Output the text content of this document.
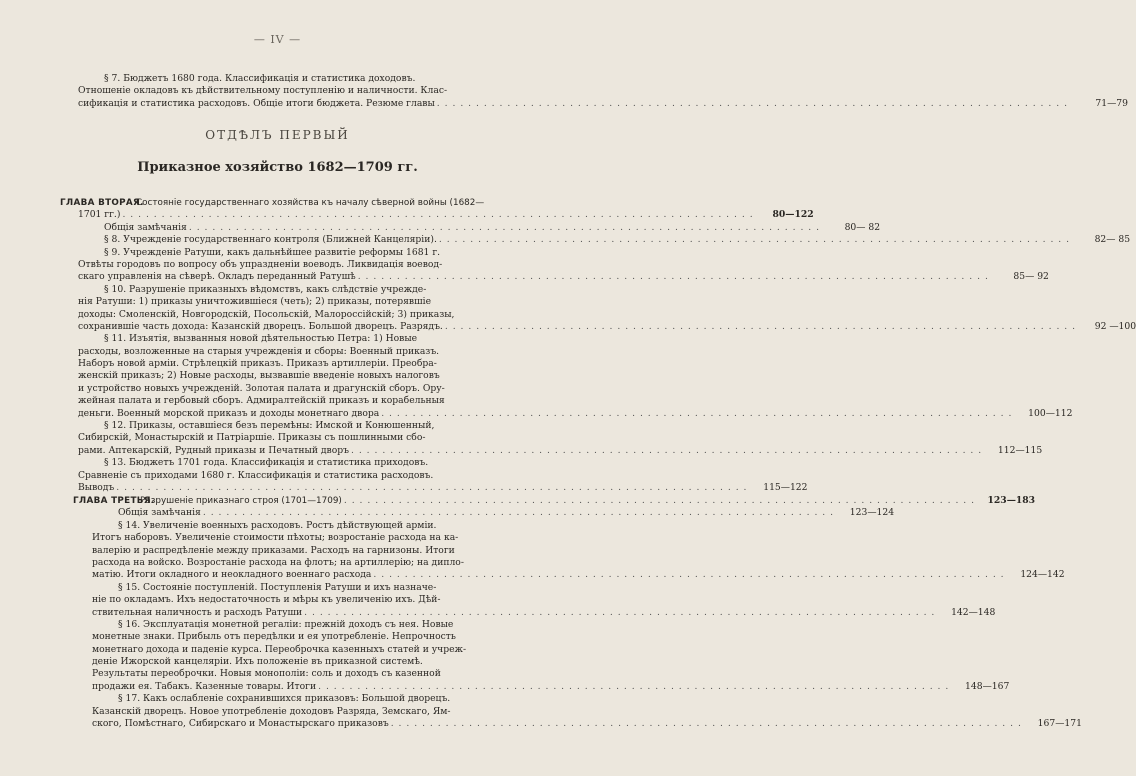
— IV —
§ 7. Бюджетъ 1680 года. Классификація и статистика доходовъ.
Отношеніе окладовъ къ дѣйствительному поступленію и наличности. Клас-
сификація и статистика расходовъ. Общіе итоги бюджета. Резюме главы . . .	71—79
ОТДѢЛЪ ПЕРВЫЙ
Приказное хозяйство 1682—1709 гг.
ГЛАВА ВТОРАЯ.
Состояніе государственнаго хозяйства къ началу сѣверной войны (1682—
1701 гг.) . . .	80—122
Общія замѣчанія . . .	80— 82
§ 8. Учрежденіе государственнаго контроля (Ближней Канцеляріи). . . .	82— 85
§ 9. Учрежденіе Ратуши, какъ дальнѣйшее развитіе реформы 1681 г.
Отвѣты городовъ по вопросу объ упраздненіи воеводъ. Ликвидація воевод-
скаго управленія на сѣверѣ. Окладъ переданный Ратушѣ . . .	85— 92
§ 10. Разрушеніе приказныхъ вѣдомствъ, какъ слѣдствіе учрежде-
нія Ратуши: 1) приказы уничтожившіеся (четь); 2) приказы, потерявшіе
доходы: Смоленскій, Новгородскій, Посольскій, Малороссійскій; 3) приказы,
сохранившіе часть дохода: Казанскій дворецъ. Большой дворецъ. Разрядъ. . . .	92 —100
§ 11. Изъятія, вызванныя новой дѣятельностью Петра: 1) Новые
расходы, возложенные на старыя учрежденія и сборы: Военный приказъ.
Наборъ новой арміи. Стрѣлецкій приказъ. Приказъ артиллеріи. Преобра-
женскій приказъ; 2) Новые расходы, вызвавшіе введеніе новыхъ налоговъ
и устройство новыхъ учрежденій. Золотая палата и драгунскій сборъ. Ору-
жейная палата и гербовый сборъ. Адмиралтейскій приказъ и корабельныя
деньги. Военный морской приказъ и доходы монетнаго двора . . .	100—112
§ 12. Приказы, оставшіеся безъ перемѣны: Имской и Конюшенный,
Сибирскій, Монастырскій и Патріаршіе. Приказы съ пошлинными сбо-
рами. Аптекарскій, Рудный приказы и Печатный дворъ . . .	112—115
§ 13. Бюджетъ 1701 года. Классификація и статистика приходовъ.
Сравненіе съ приходами 1680 г. Классификація и статистика расходовъ.
Выводъ . . .	115—122
ГЛАВА ТРЕТЬЯ.
Разрушеніе приказнаго строя (1701—1709) . . .	123—183
Общія замѣчанія . . .	123—124
§ 14. Увеличеніе военныхъ расходовъ. Ростъ дѣйствующей арміи.
Итогъ наборовъ. Увеличеніе стоимости пѣхоты; возростаніе расхода на ка-
валерію и распредѣленіе между приказами. Расходъ на гарнизоны. Итоги
расхода на войско. Возростаніе расхода на флотъ; на артиллерію; на дипло-
матію. Итоги окладного и неокладного военнаго расхода . . .	124—142
§ 15. Состояніе поступленій. Поступленія Ратуши и ихъ назначе-
ніе по окладамъ. Ихъ недостаточность и мѣры къ увеличенію ихъ. Дѣй-
ствительная наличность и расходъ Ратуши . . .	142—148
§ 16. Эксплуатація монетной регаліи: прежній доходъ съ нея. Новые
монетные знаки. Прибыль отъ передѣлки и ея употребленіе. Непрочность
монетнаго дохода и паденіе курса. Переоброчка казенныхъ статей и учреж-
деніе Ижорской канцеляріи. Ихъ положеніе въ приказной системѣ.
Результаты переоброчки. Новыя монополіи: соль и доходъ съ казенной
продажи ея. Табакъ. Казенные товары. Итоги . . .	148—167
§ 17. Какъ ослабленіе сохранившихся приказовъ: Большой дворецъ.
Казанскій дворецъ. Новое употребленіе доходовъ Разряда, Земскаго, Ям-
ского, Помѣстнаго, Сибирскаго и Монастырскаго приказовъ . . .	167—171
